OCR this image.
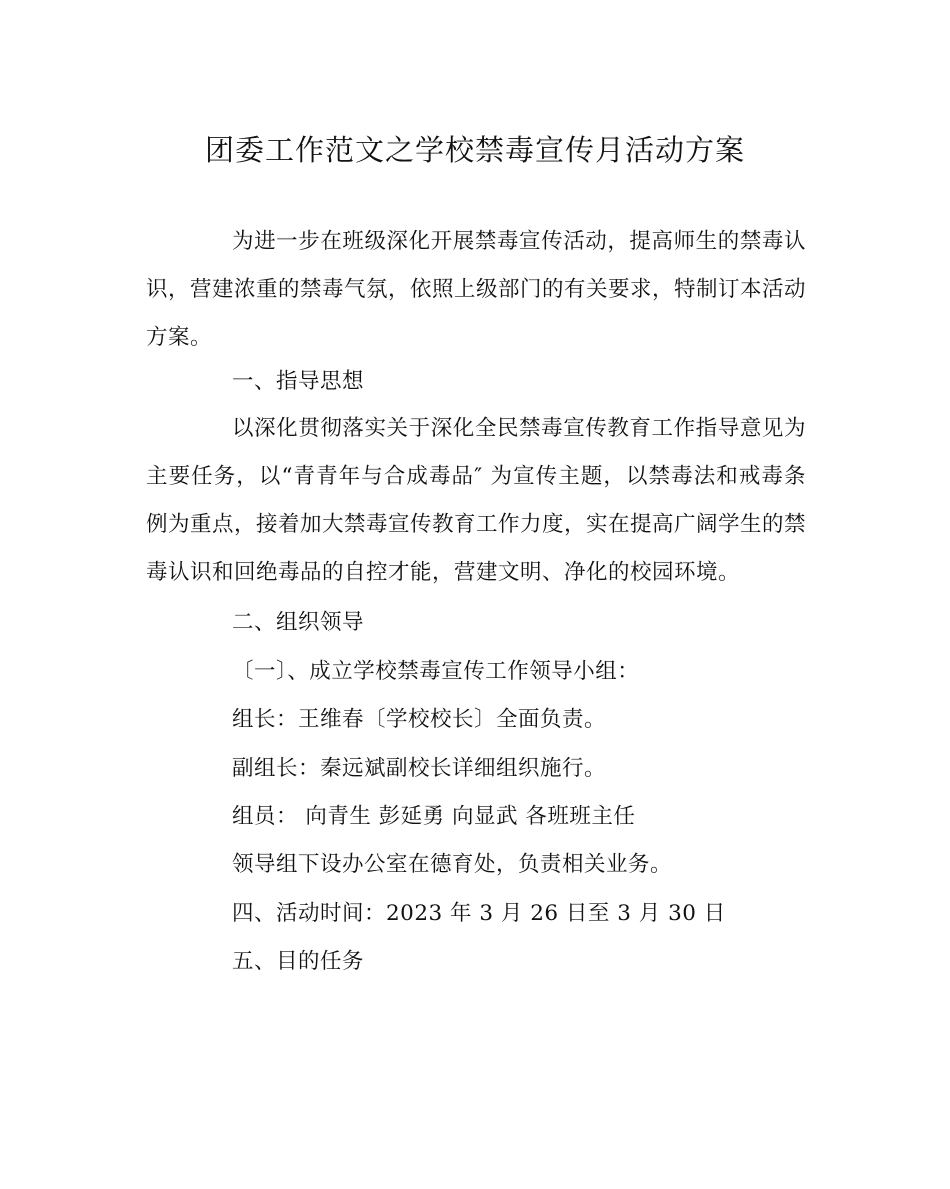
团委工作范文之学校禁毒宣传月活动方案

为进一步在班级深化开展禁毒宣传活动，提高师生的禁毒认识，营建浓重的禁毒气氛，依照上级部门的有关要求，特制订本活动方案。

一、指导思想

以深化贯彻落实关于深化全民禁毒宣传教育工作指导意见为主要任务，以“青青年与合成毒品″ 为宣传主题，以禁毒法和戒毒条例为重点，接着加大禁毒宣传教育工作力度，实在提高广阔学生的禁毒认识和回绝毒品的自控才能，营建文明、净化的校园环境。

二、组织领导

〔一〕、成立学校禁毒宣传工作领导小组：

组长：王维春〔学校校长〕全面负责。

副组长：秦远斌副校长详细组织施行。

组员： 向青生 彭延勇 向显武 各班班主任

领导组下设办公室在德育处，负责相关业务。

四、活动时间：2023 年 3 月 26 日至 3 月 30 日

五、目的任务
